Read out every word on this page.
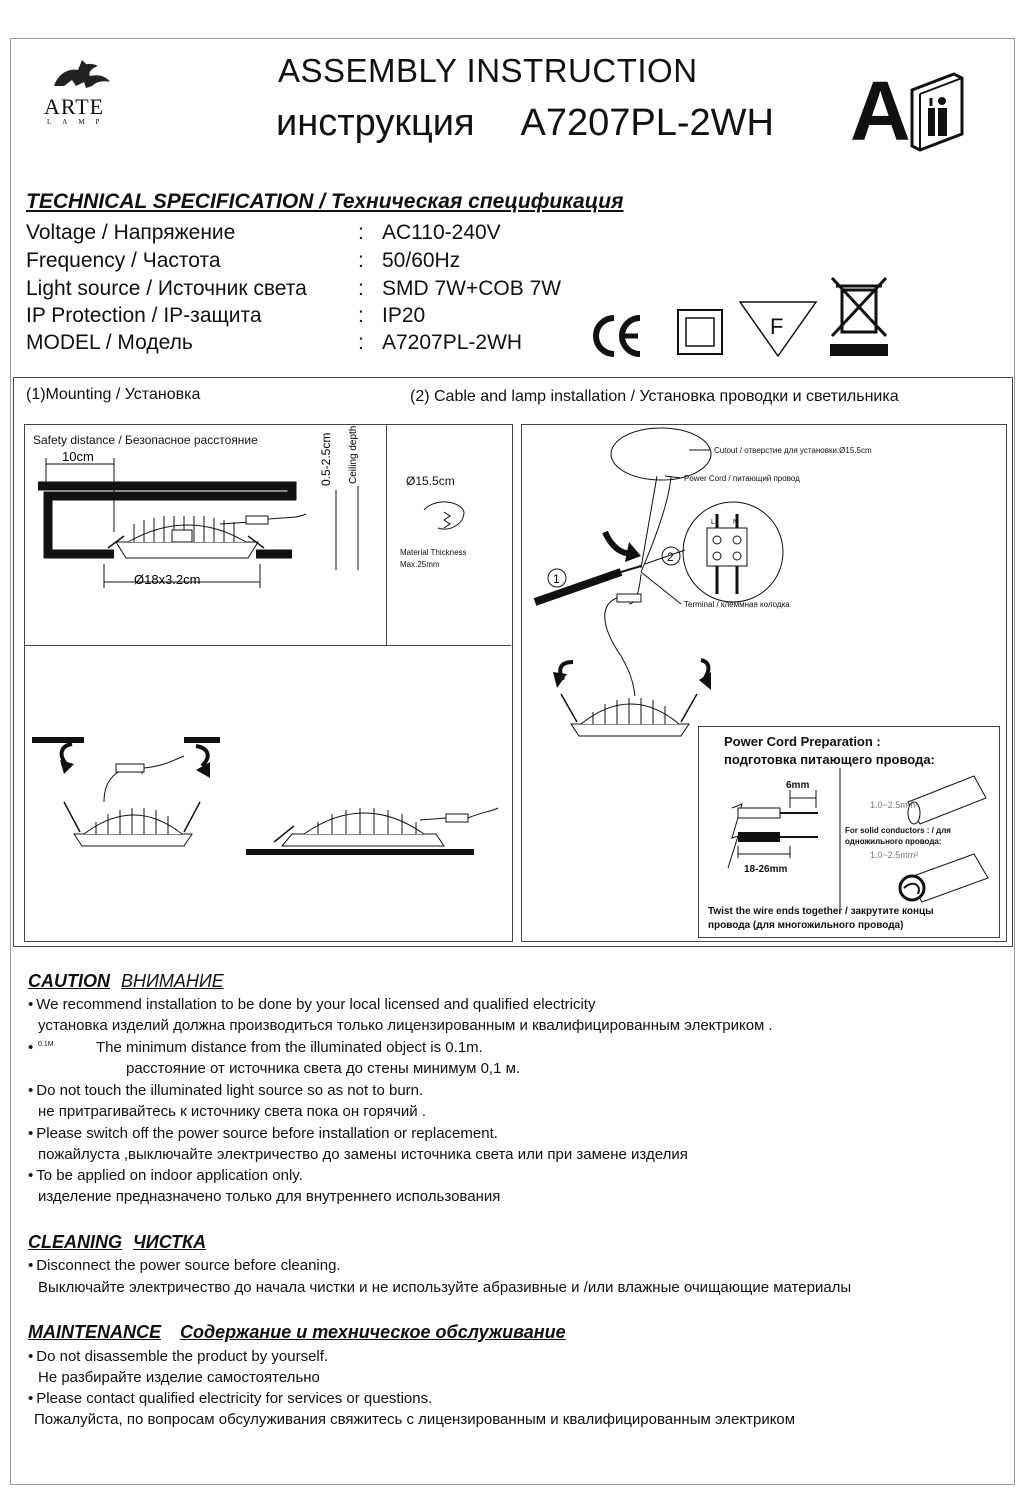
ARTE
LAMP
ASSEMBLY INSTRUCTION
инструкция A7207PL-2WH A
TECHNICAL SPECIFICATION / Техническая спецификация
Voltage / Напряжение	: AC110-240V
Frequency / Частота	: 50/60Hz
Light source / Источник света : SMD 7W+COB 7W
IP Protection / IP-защита	: IP20
MODEL / Модель	: A7207PL-2WH
F
(1)Mounting / Установка	(2) Cable and lamp installation / Установка проводки и светильника
Safety distance / Безопасное расстояние
10cm
Ø18x3.2cm
0.5-2.5cm Ceiling depth 60mm	Ø15.5cm
Material Thickness
Max.25mm
1
2
L	N
Cutout / отверстие для установки:Ø15.5cm
Power Cord / питающий провод
Terminal / клеммная колодка
Power Cord Preparation :
подготовка питающего провода:
6mm
18-26mm
1.0~2.5mm²
For solid conductors : / для
одножильного провода:
1.0~2.5mm²
Twist the wire ends together / закрутите концы
провода (для многожильного провода)
CAUTION ВНИМАНИЕ
• We recommend installation to be done by your local licensed and qualified electricity
установка изделий должна производиться только лицензированным и квалифицированным электриком .
• 0.1M	The minimum distance from the illuminated object is 0.1m.
расстояние от источника света до стены минимум 0,1 м.
• Do not touch the illuminated light source so as not to burn.
не притрагивайтесь к источнику света пока он горячий .
• Please switch off the power source before installation or replacement.
пожайлуста ,выключайте электричество до замены источника света или при замене изделия
• To be applied on indoor application only.
изделение предназначено только для внутреннего использования
CLEANING ЧИСТКА
• Disconnect the power source before cleaning.
Выключайте электричество до начала чистки и не используйте абразивные и /или влажные очищающие материалы
MAINTENANCE Содержание и техническое обслуживание
• Do not disassemble the product by yourself.
Не разбирайте изделие самостоятельно
• Please contact qualified electricity for services or questions.
Пожалуйста, по вопросам обсулуживания свяжитесь с лицензированным и квалифицированным электриком
